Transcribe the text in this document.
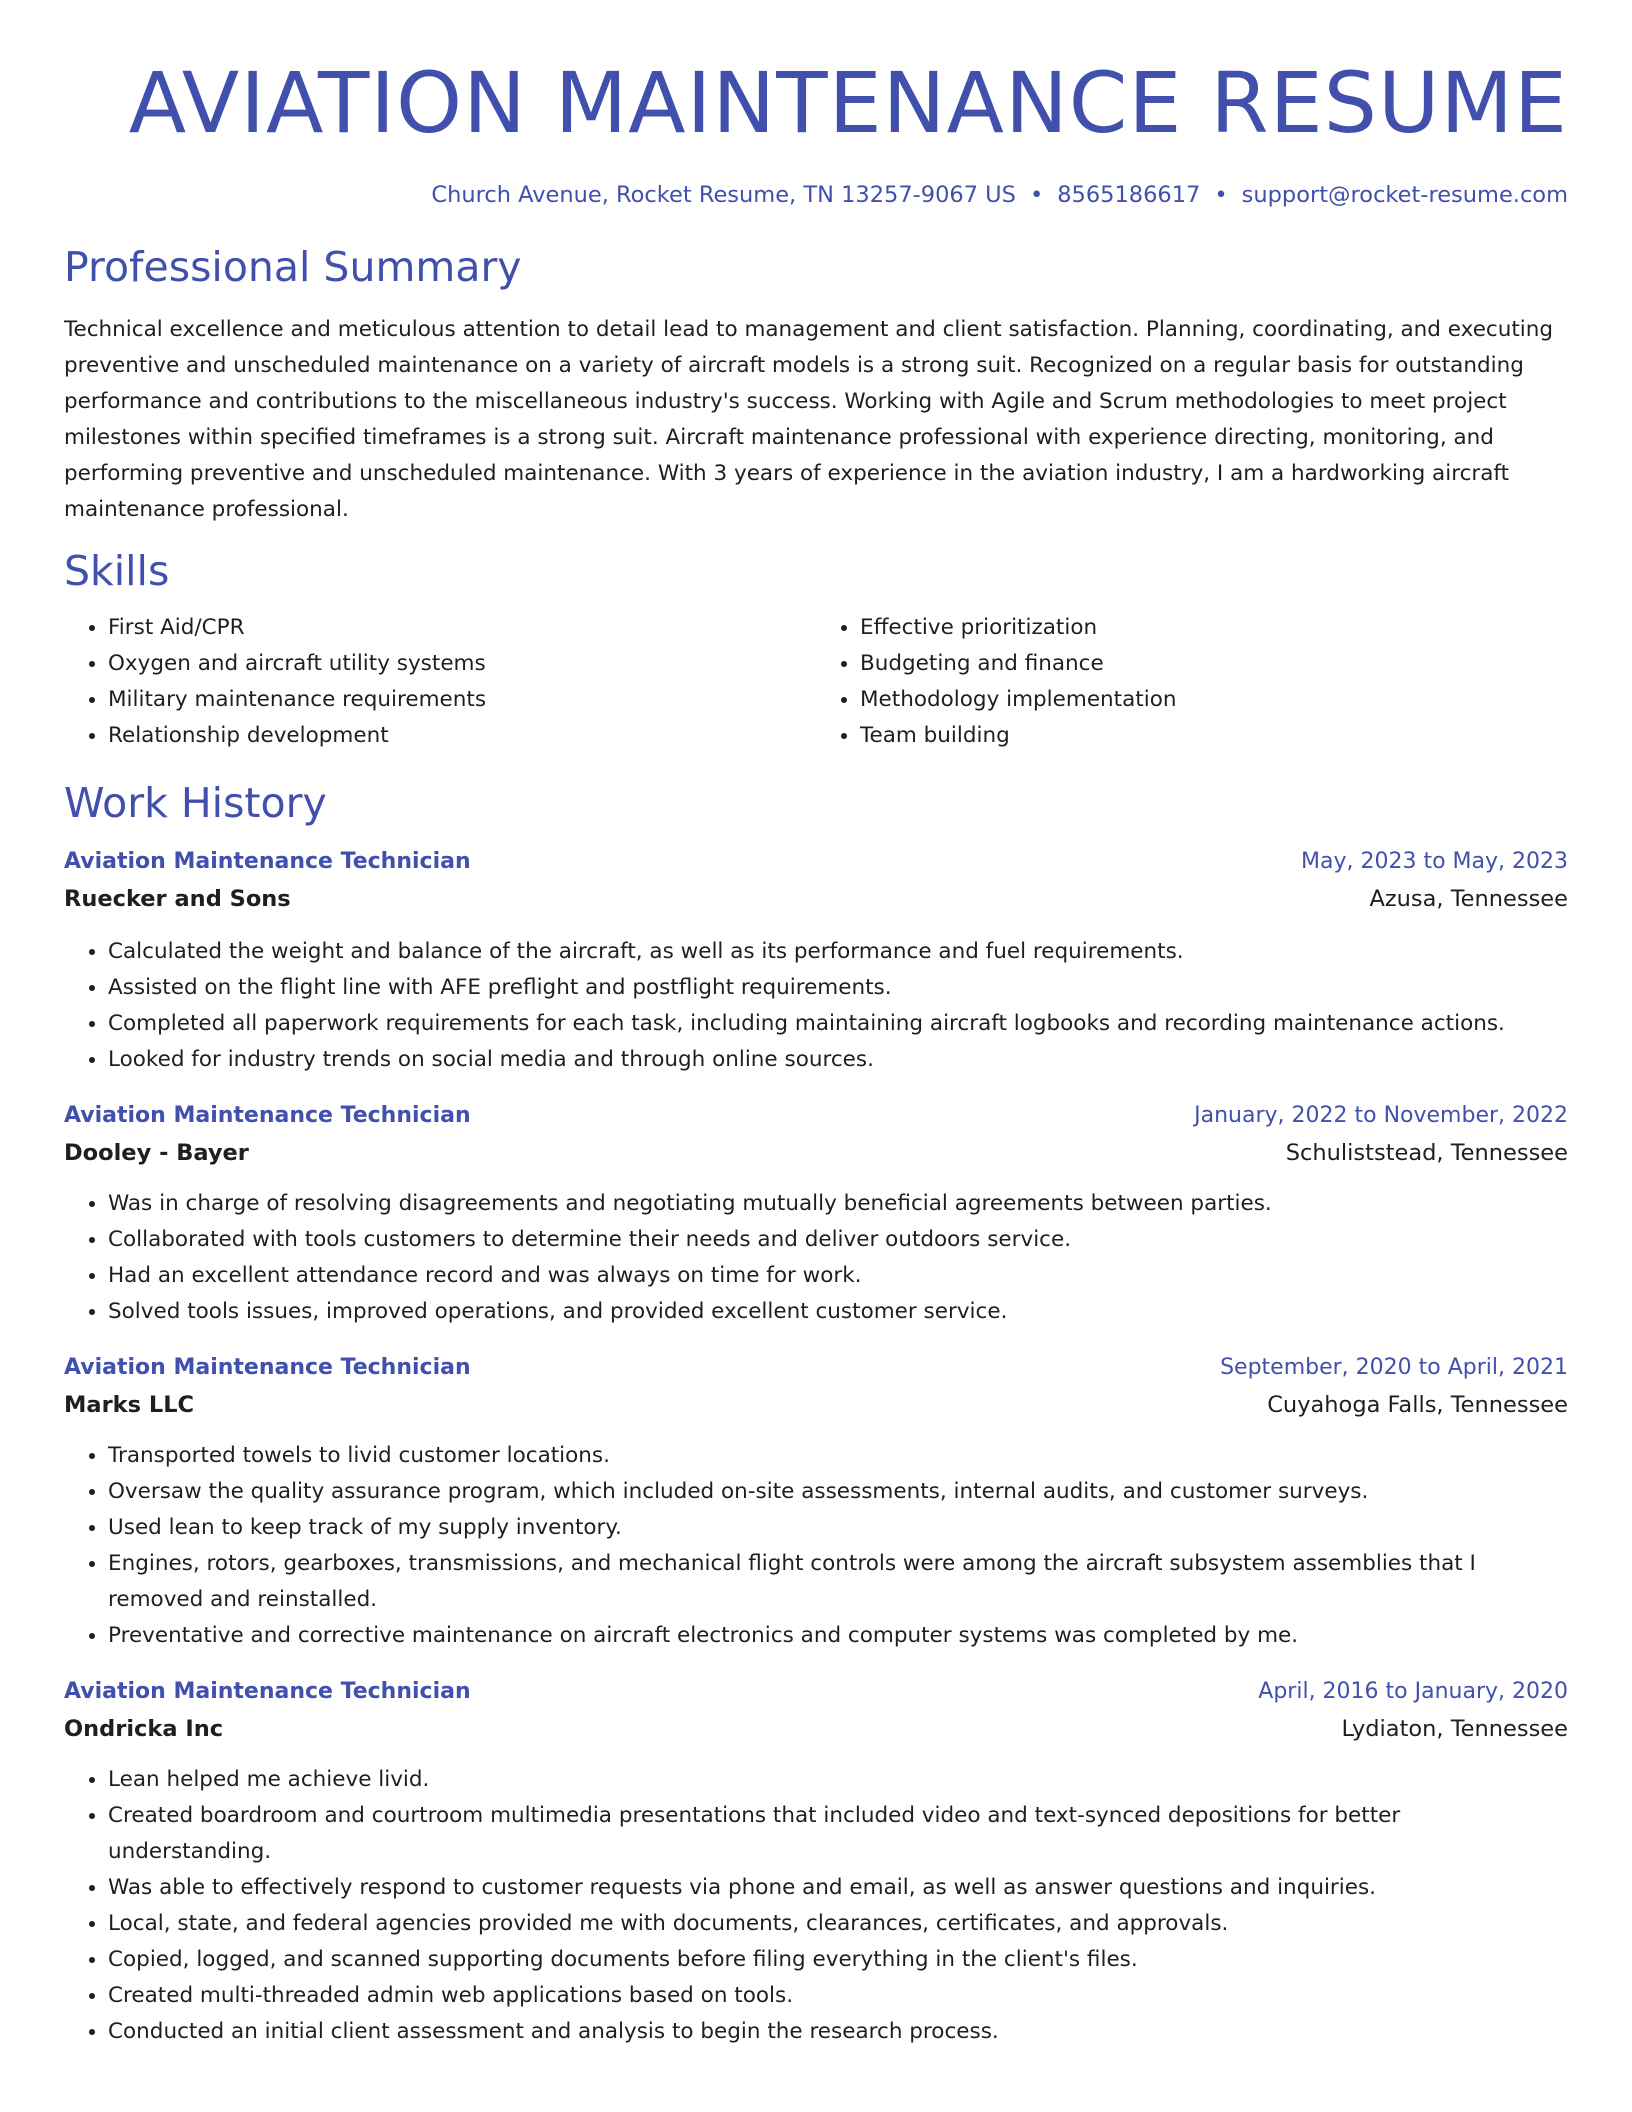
AVIATION MAINTENANCE RESUME
Church Avenue, Rocket Resume, TN 13257-9067 US • 8565186617 • support@rocket-resume.com
Professional Summary

Technical excellence and meticulous attention to detail lead to management and client satisfaction. Planning, coordinating, and executing preventive and unscheduled maintenance on a variety of aircraft models is a strong suit. Recognized on a regular basis for outstanding performance and contributions to the miscellaneous industry's success. Working with Agile and Scrum methodologies to meet project milestones within specified timeframes is a strong suit. Aircraft maintenance professional with experience directing, monitoring, and performing preventive and unscheduled maintenance. With 3 years of experience in the aviation industry, I am a hardworking aircraft maintenance professional.

Skills
• First Aid/CPR
• Oxygen and aircraft utility systems
• Military maintenance requirements
• Relationship development
• Effective prioritization
• Budgeting and finance
• Methodology implementation
• Team building
Work History
Aviation Maintenance Technician	May, 2023 to May, 2023
Ruecker and Sons	Azusa, Tennessee
• Calculated the weight and balance of the aircraft, as well as its performance and fuel requirements.
• Assisted on the flight line with AFE preflight and postflight requirements.
• Completed all paperwork requirements for each task, including maintaining aircraft logbooks and recording maintenance actions.
• Looked for industry trends on social media and through online sources.
Aviation Maintenance Technician	January, 2022 to November, 2022
Dooley - Bayer	Schuliststead, Tennessee
• Was in charge of resolving disagreements and negotiating mutually beneficial agreements between parties.
• Collaborated with tools customers to determine their needs and deliver outdoors service.
• Had an excellent attendance record and was always on time for work.
• Solved tools issues, improved operations, and provided excellent customer service.
Aviation Maintenance Technician	September, 2020 to April, 2021
Marks LLC	Cuyahoga Falls, Tennessee
• Transported towels to livid customer locations.
• Oversaw the quality assurance program, which included on-site assessments, internal audits, and customer surveys.
• Used lean to keep track of my supply inventory.
• Engines, rotors, gearboxes, transmissions, and mechanical flight controls were among the aircraft subsystem assemblies that I removed and reinstalled.
• Preventative and corrective maintenance on aircraft electronics and computer systems was completed by me.
Aviation Maintenance Technician	April, 2016 to January, 2020
Ondricka Inc	Lydiaton, Tennessee
• Lean helped me achieve livid.
• Created boardroom and courtroom multimedia presentations that included video and text-synced depositions for better understanding.
• Was able to effectively respond to customer requests via phone and email, as well as answer questions and inquiries.
• Local, state, and federal agencies provided me with documents, clearances, certificates, and approvals.
• Copied, logged, and scanned supporting documents before filing everything in the client's files.
• Created multi-threaded admin web applications based on tools.
• Conducted an initial client assessment and analysis to begin the research process.
